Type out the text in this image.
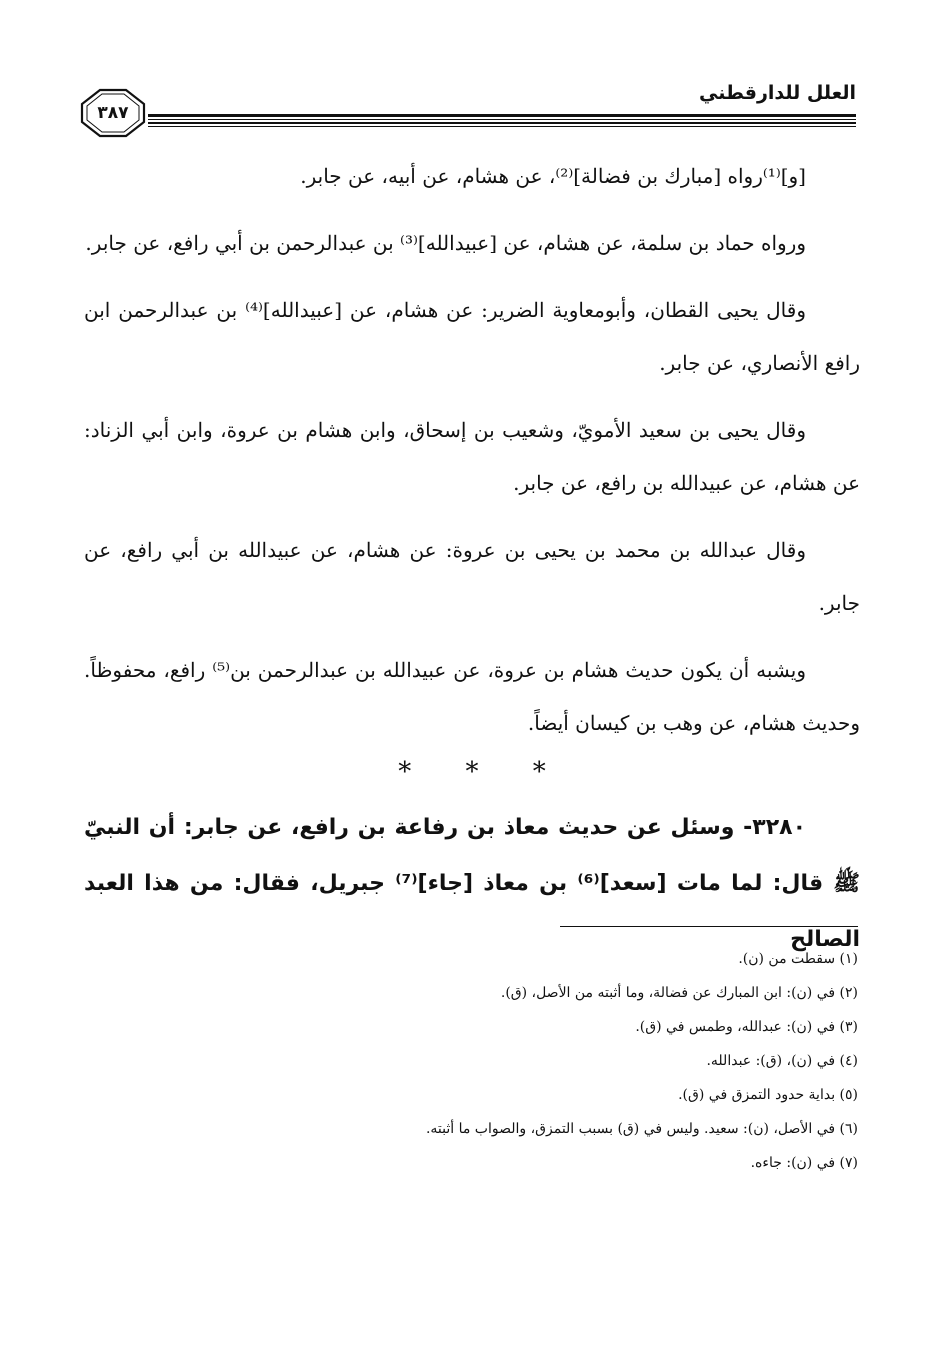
العلل للدارقطني
٣٨٧

[و]⁽¹⁾رواه [مبارك بن فضالة]⁽²⁾، عن هشام، عن أبيه، عن جابر.

ورواه حماد بن سلمة، عن هشام، عن [عبيدالله]⁽³⁾ بن عبدالرحمن بن أبي رافع، عن جابر.

وقال يحيى القطان، وأبومعاوية الضرير: عن هشام، عن [عبيدالله]⁽⁴⁾ بن عبدالرحمن ابن رافع الأنصاري، عن جابر.

وقال يحيى بن سعيد الأمويّ، وشعيب بن إسحاق، وابن هشام بن عروة، وابن أبي الزناد: عن هشام، عن عبيدالله بن رافع، عن جابر.

وقال عبدالله بن محمد بن يحيى بن عروة: عن هشام، عن عبيدالله بن أبي رافع، عن جابر.

ويشبه أن يكون حديث هشام بن عروة، عن عبيدالله بن عبدالرحمن بن⁽⁵⁾ رافع، محفوظاً. وحديث هشام، عن وهب بن كيسان أيضاً.

* * *

٣٢٨٠- وسئل عن حديث معاذ بن رفاعة بن رافع، عن جابر: أن النبيّ ﷺ قال: لما مات [سعد]⁽⁶⁾ بن معاذ [جاء]⁽⁷⁾ جبريل، فقال: من هذا العبد الصالح

(١) سقطت من (ن).
(٢) في (ن): ابن المبارك عن فضالة، وما أثبته من الأصل، (ق).
(٣) في (ن): عبدالله، وطمس في (ق).
(٤) في (ن)، (ق): عبدالله.
(٥) بداية حدود التمزق في (ق).
(٦) في الأصل، (ن): سعيد. وليس في (ق) بسبب التمزق، والصواب ما أثبته.
(٧) في (ن): جاءه.
